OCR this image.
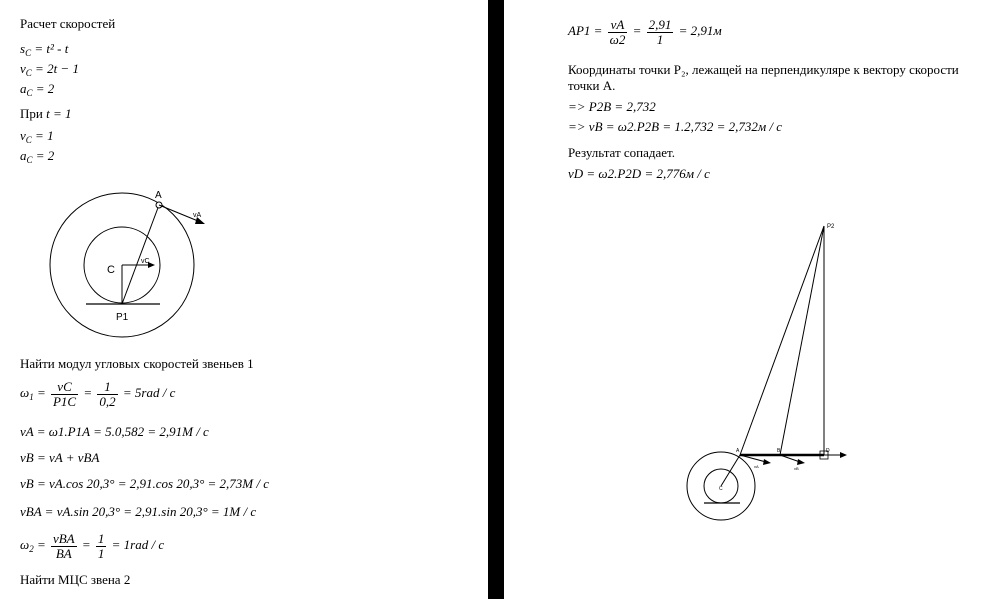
Расчет скоростей
$s_C = t^2 - t$
$v_C = 2t - 1$
$a_C = 2$
При t = 1
$v_C = 1$
$a_C = 2$
A
vA
C
vC
P1
Найти модул угловых скоростей звеньев 1
$\omega_1 = \frac{vC}{P1C} = \frac{1}{0,2} = 5rad / c$
vA = ω1.P1A = 5.0,582 = 2,91M / c
vB = vA + vBA
vB = vA.cos 20,3° = 2,91.cos 20,3° = 2,73M / c
vBA = vA.sin 20,3° = 2,91.sin 20,3° = 1M / c
$\omega_2 = \frac{\text{vBA}}{BA} = \frac{1}{1} = 1rad / c$
Найти МЦС звена 2
$AP1 = \frac{vA}{\omega 2} = \frac{2,91}{1} = 2,91м$
Координаты точки P₂, лежащей на перпендикуляре к вектору скорости точки А.
=> P2B = 2,732
=> vB = ω2.P2B = 1.2,732 = 2,732м / с
Результат сопадает.
vD = ω2.P2D = 2,776м / с
P2
A	B
C
D
vA	vB
